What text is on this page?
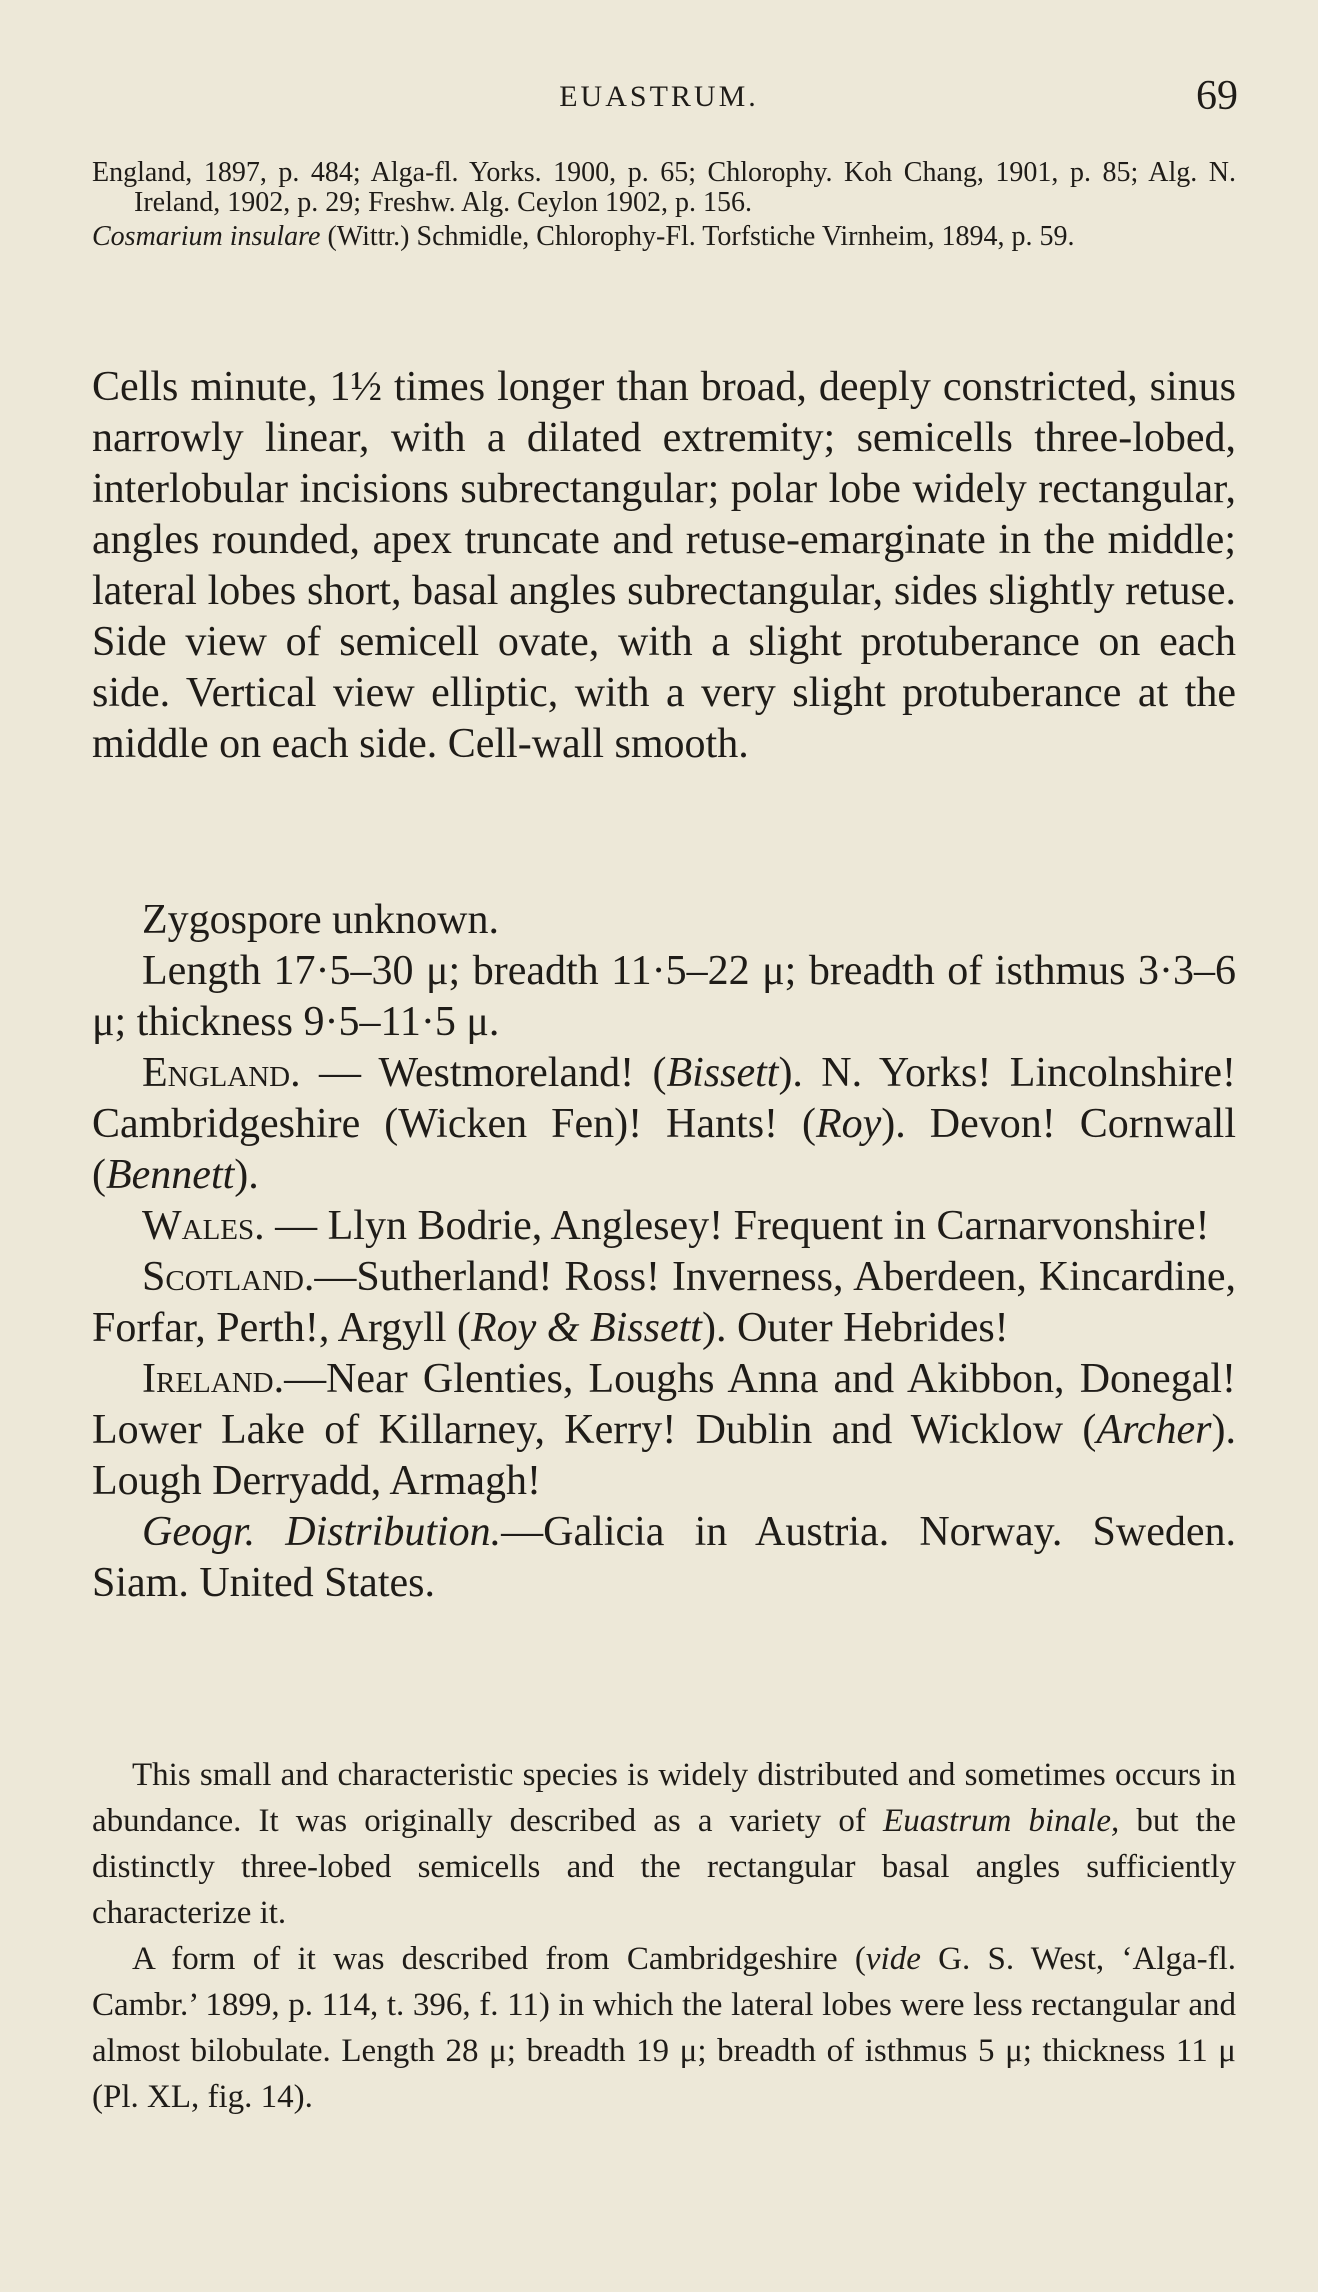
EUASTRUM.	69

England, 1897, p. 484; Alga-fl. Yorks. 1900, p. 65; Chlorophy. Koh Chang, 1901, p. 85; Alg. N. Ireland, 1902, p. 29; Freshw. Alg. Ceylon 1902, p. 156.

Cosmarium insulare (Wittr.) Schmidle, Chlorophy-Fl. Torfstiche Virnheim, 1894, p. 59.

Cells minute, 1½ times longer than broad, deeply constricted, sinus narrowly linear, with a dilated extremity; semicells three-lobed, interlobular incisions subrectangular; polar lobe widely rectangular, angles rounded, apex truncate and retuse-emarginate in the middle; lateral lobes short, basal angles subrectangular, sides slightly retuse. Side view of semicell ovate, with a slight protuberance on each side. Vertical view elliptic, with a very slight protuberance at the middle on each side. Cell-wall smooth.

Zygospore unknown.

Length 17·5–30 μ; breadth 11·5–22 μ; breadth of isthmus 3·3–6 μ; thickness 9·5–11·5 μ.

England. — Westmoreland! (Bissett). N. Yorks! Lincolnshire! Cambridgeshire (Wicken Fen)! Hants! (Roy). Devon! Cornwall (Bennett).

Wales. — Llyn Bodrie, Anglesey! Frequent in Carnarvonshire!

Scotland.—Sutherland! Ross! Inverness, Aberdeen, Kincardine, Forfar, Perth!, Argyll (Roy & Bissett). Outer Hebrides!

Ireland.—Near Glenties, Loughs Anna and Akibbon, Donegal! Lower Lake of Killarney, Kerry! Dublin and Wicklow (Archer). Lough Derryadd, Armagh!

Geogr. Distribution.—Galicia in Austria. Norway. Sweden. Siam. United States.

This small and characteristic species is widely distributed and sometimes occurs in abundance. It was originally described as a variety of Euastrum binale, but the distinctly three-lobed semicells and the rectangular basal angles sufficiently characterize it.

A form of it was described from Cambridgeshire (vide G. S. West, ‘Alga-fl. Cambr.’ 1899, p. 114, t. 396, f. 11) in which the lateral lobes were less rectangular and almost bilobulate. Length 28 μ; breadth 19 μ; breadth of isthmus 5 μ; thickness 11 μ (Pl. XL, fig. 14).
